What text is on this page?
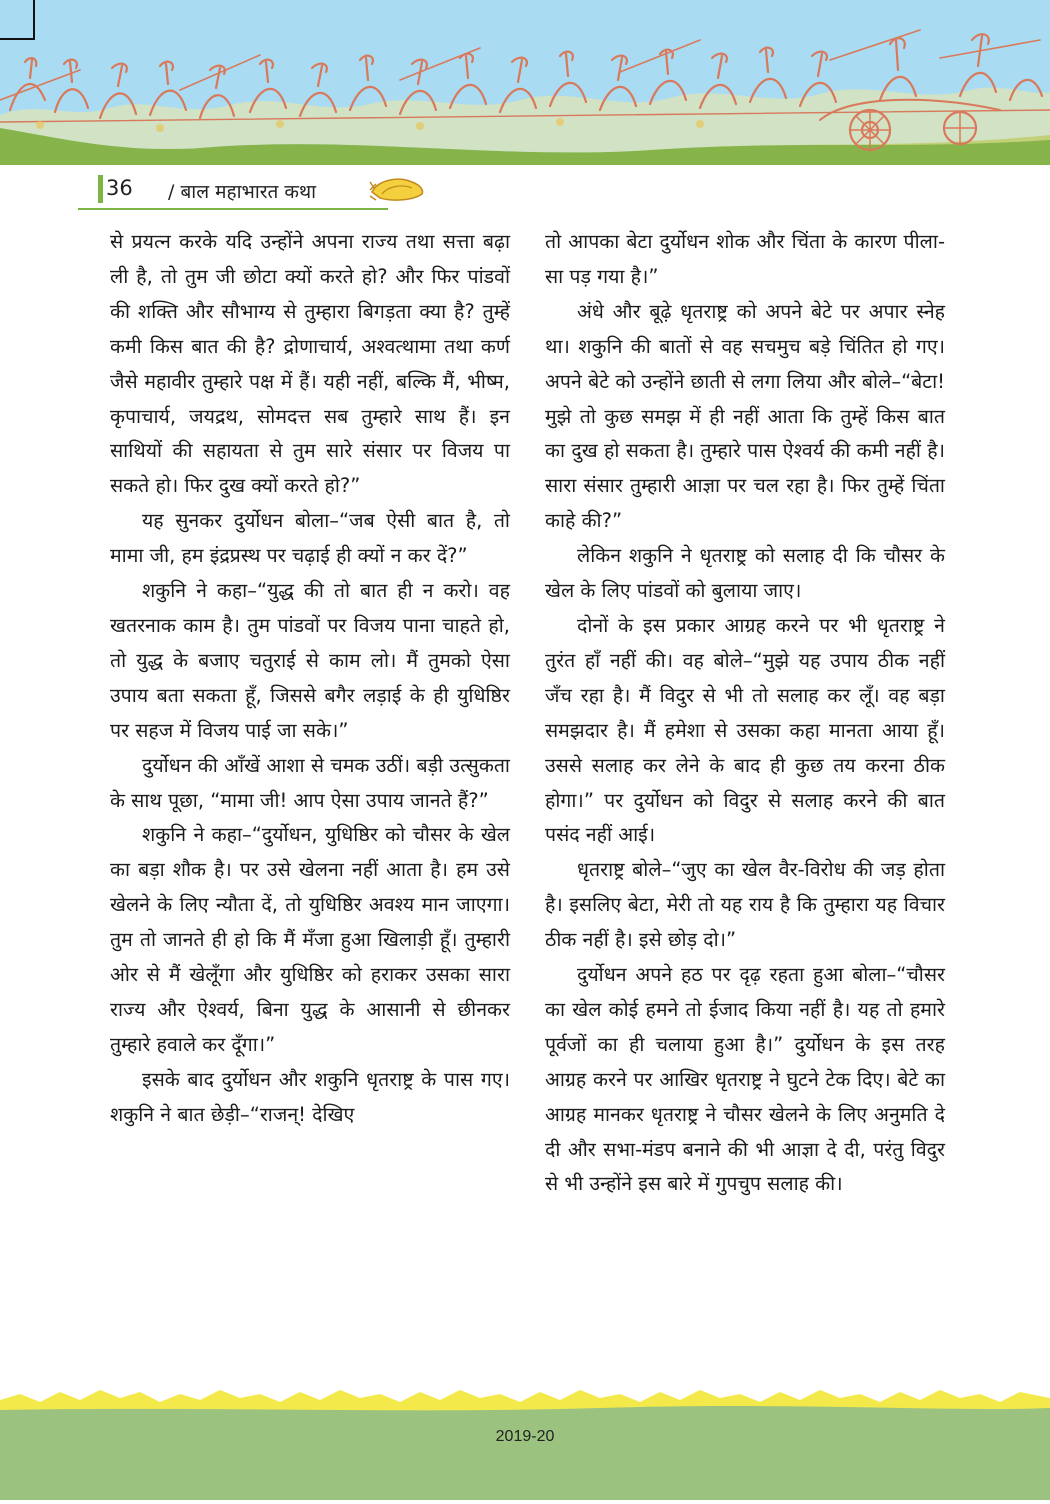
36 / बाल महाभारत कथा

से प्रयत्न करके यदि उन्होंने अपना राज्य तथा सत्ता बढ़ा ली है, तो तुम जी छोटा क्यों करते हो? और फिर पांडवों की शक्ति और सौभाग्य से तुम्हारा बिगड़ता क्या है? तुम्हें कमी किस बात की है? द्रोणाचार्य, अश्वत्थामा तथा कर्ण जैसे महावीर तुम्हारे पक्ष में हैं। यही नहीं, बल्कि मैं, भीष्म, कृपाचार्य, जयद्रथ, सोमदत्त सब तुम्हारे साथ हैं। इन साथियों की सहायता से तुम सारे संसार पर विजय पा सकते हो। फिर दुख क्यों करते हो?”

यह सुनकर दुर्योधन बोला–“जब ऐसी बात है, तो मामा जी, हम इंद्रप्रस्थ पर चढ़ाई ही क्यों न कर दें?”

शकुनि ने कहा–“युद्ध की तो बात ही न करो। वह खतरनाक काम है। तुम पांडवों पर विजय पाना चाहते हो, तो युद्ध के बजाए चतुराई से काम लो। मैं तुमको ऐसा उपाय बता सकता हूँ, जिससे बगैर लड़ाई के ही युधिष्ठिर पर सहज में विजय पाई जा सके।”

दुर्योधन की आँखें आशा से चमक उठीं। बड़ी उत्सुकता के साथ पूछा, “मामा जी! आप ऐसा उपाय जानते हैं?”

शकुनि ने कहा–“दुर्योधन, युधिष्ठिर को चौसर के खेल का बड़ा शौक है। पर उसे खेलना नहीं आता है। हम उसे खेलने के लिए न्यौता दें, तो युधिष्ठिर अवश्य मान जाएगा। तुम तो जानते ही हो कि मैं मँजा हुआ खिलाड़ी हूँ। तुम्हारी ओर से मैं खेलूँगा और युधिष्ठिर को हराकर उसका सारा राज्य और ऐश्वर्य, बिना युद्ध के आसानी से छीनकर तुम्हारे हवाले कर दूँगा।”

इसके बाद दुर्योधन और शकुनि धृतराष्ट्र के पास गए। शकुनि ने बात छेड़ी–“राजन्! देखिए

तो आपका बेटा दुर्योधन शोक और चिंता के कारण पीला-सा पड़ गया है।”

अंधे और बूढ़े धृतराष्ट्र को अपने बेटे पर अपार स्नेह था। शकुनि की बातों से वह सचमुच बड़े चिंतित हो गए। अपने बेटे को उन्होंने छाती से लगा लिया और बोले–“बेटा! मुझे तो कुछ समझ में ही नहीं आता कि तुम्हें किस बात का दुख हो सकता है। तुम्हारे पास ऐश्वर्य की कमी नहीं है। सारा संसार तुम्हारी आज्ञा पर चल रहा है। फिर तुम्हें चिंता काहे की?”

लेकिन शकुनि ने धृतराष्ट्र को सलाह दी कि चौसर के खेल के लिए पांडवों को बुलाया जाए।

दोनों के इस प्रकार आग्रह करने पर भी धृतराष्ट्र ने तुरंत हाँ नहीं की। वह बोले–“मुझे यह उपाय ठीक नहीं जँच रहा है। मैं विदुर से भी तो सलाह कर लूँ। वह बड़ा समझदार है। मैं हमेशा से उसका कहा मानता आया हूँ। उससे सलाह कर लेने के बाद ही कुछ तय करना ठीक होगा।” पर दुर्योधन को विदुर से सलाह करने की बात पसंद नहीं आई।

धृतराष्ट्र बोले–“जुए का खेल वैर-विरोध की जड़ होता है। इसलिए बेटा, मेरी तो यह राय है कि तुम्हारा यह विचार ठीक नहीं है। इसे छोड़ दो।”

दुर्योधन अपने हठ पर दृढ़ रहता हुआ बोला–“चौसर का खेल कोई हमने तो ईजाद किया नहीं है। यह तो हमारे पूर्वजों का ही चलाया हुआ है।” दुर्योधन के इस तरह आग्रह करने पर आखिर धृतराष्ट्र ने घुटने टेक दिए। बेटे का आग्रह मानकर धृतराष्ट्र ने चौसर खेलने के लिए अनुमति दे दी और सभा-मंडप बनाने की भी आज्ञा दे दी, परंतु विदुर से भी उन्होंने इस बारे में गुपचुप सलाह की।

2019-20
